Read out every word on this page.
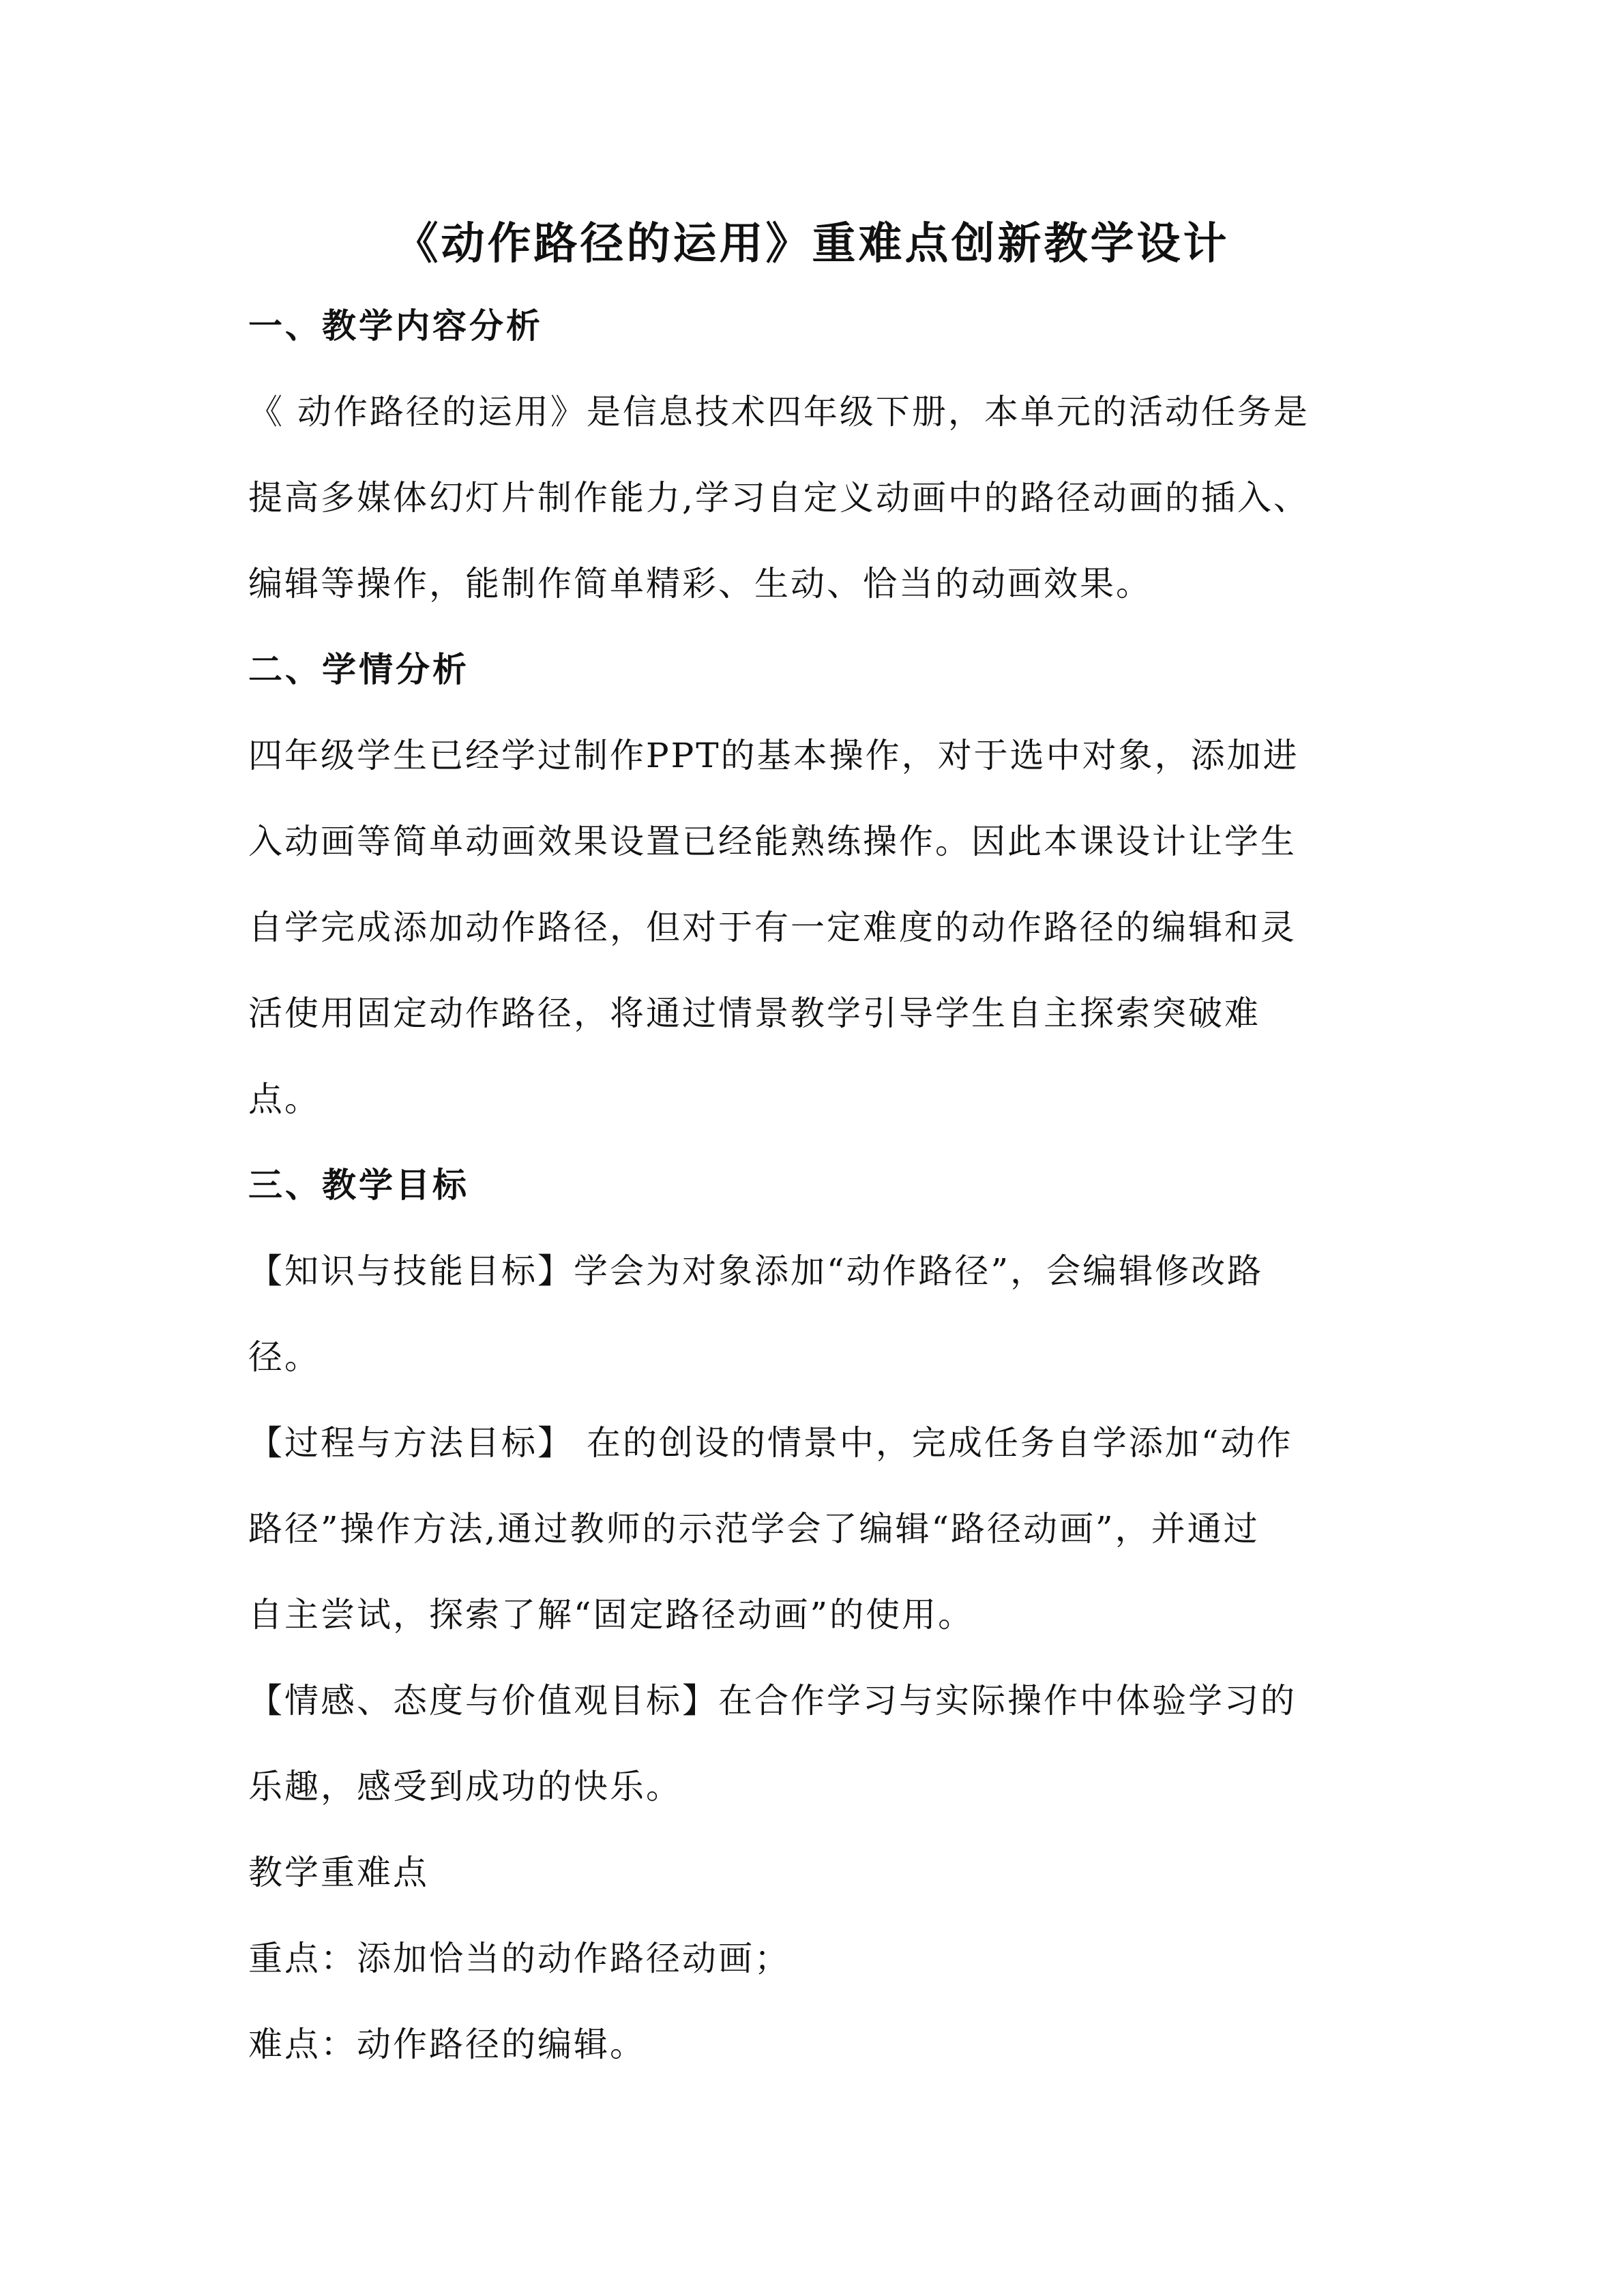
《动作路径的运用》重难点创新教学设计
一、教学内容分析
《 动作路径的运用》是信息技术四年级下册，本单元的活动任务是
提高多媒体幻灯片制作能力,学习自定义动画中的路径动画的插入、
编辑等操作，能制作简单精彩、生动、恰当的动画效果。
二、学情分析
四年级学生已经学过制作PPT的基本操作，对于选中对象，添加进
入动画等简单动画效果设置已经能熟练操作。因此本课设计让学生
自学完成添加动作路径，但对于有一定难度的动作路径的编辑和灵
活使用固定动作路径，将通过情景教学引导学生自主探索突破难
点。
三、教学目标
【知识与技能目标】学会为对象添加“动作路径”，会编辑修改路
径。
【过程与方法目标】 在的创设的情景中，完成任务自学添加“动作
路径”操作方法,通过教师的示范学会了编辑“路径动画”，并通过
自主尝试，探索了解“固定路径动画”的使用。
【情感、态度与价值观目标】在合作学习与实际操作中体验学习的
乐趣，感受到成功的快乐。
教学重难点
重点：添加恰当的动作路径动画；
难点：动作路径的编辑。
